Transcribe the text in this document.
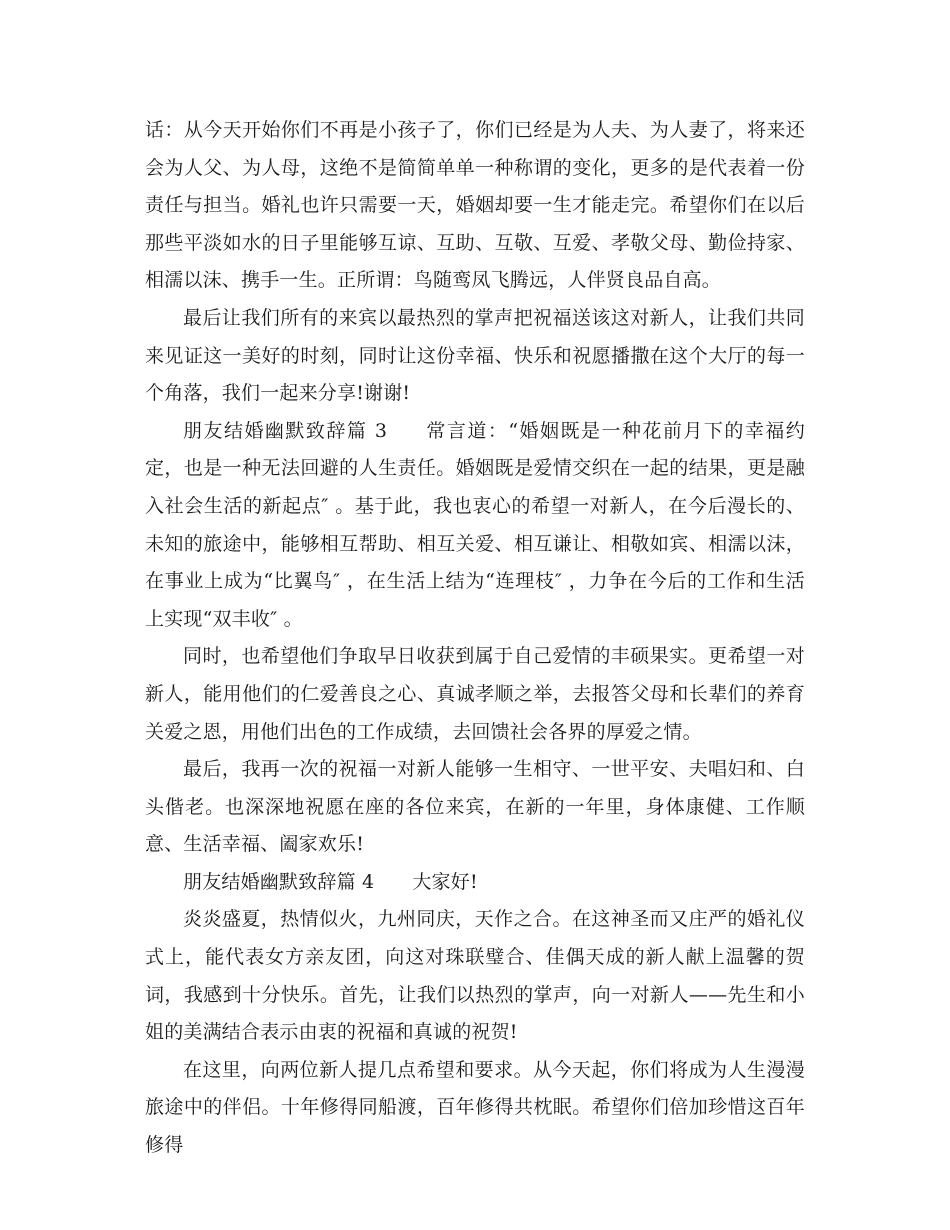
话：从今天开始你们不再是小孩子了，你们已经是为人夫、为人妻了，将来还会为人父、为人母，这绝不是简简单单一种称谓的变化，更多的是代表着一份责任与担当。婚礼也许只需要一天，婚姻却要一生才能走完。希望你们在以后那些平淡如水的日子里能够互谅、互助、互敬、互爱、孝敬父母、勤俭持家、相濡以沫、携手一生。正所谓：鸟随鸾凤飞腾远，人伴贤良品自高。

最后让我们所有的来宾以最热烈的掌声把祝福送该这对新人，让我们共同来见证这一美好的时刻，同时让这份幸福、快乐和祝愿播撒在这个大厅的每一个角落，我们一起来分享!谢谢!

朋友结婚幽默致辞篇 3 常言道：“婚姻既是一种花前月下的幸福约定，也是一种无法回避的人生责任。婚姻既是爱情交织在一起的结果，更是融入社会生活的新起点″ 。基于此，我也衷心的希望一对新人，在今后漫长的、未知的旅途中，能够相互帮助、相互关爱、相互谦让、相敬如宾、相濡以沫，在事业上成为“比翼鸟″ ，在生活上结为“连理枝″ ，力争在今后的工作和生活上实现“双丰收″ 。

同时，也希望他们争取早日收获到属于自己爱情的丰硕果实。更希望一对新人，能用他们的仁爱善良之心、真诚孝顺之举，去报答父母和长辈们的养育关爱之恩，用他们出色的工作成绩，去回馈社会各界的厚爱之情。

最后，我再一次的祝福一对新人能够一生相守、一世平安、夫唱妇和、白头偕老。也深深地祝愿在座的各位来宾，在新的一年里，身体康健、工作顺意、生活幸福、阖家欢乐!

朋友结婚幽默致辞篇 4 大家好!

炎炎盛夏，热情似火，九州同庆，天作之合。在这神圣而又庄严的婚礼仪式上，能代表女方亲友团，向这对珠联璧合、佳偶天成的新人献上温馨的贺词，我感到十分快乐。首先，让我们以热烈的掌声，向一对新人——先生和小姐的美满结合表示由衷的祝福和真诚的祝贺!

在这里，向两位新人提几点希望和要求。从今天起，你们将成为人生漫漫旅途中的伴侣。十年修得同船渡，百年修得共枕眠。希望你们倍加珍惜这百年修得
